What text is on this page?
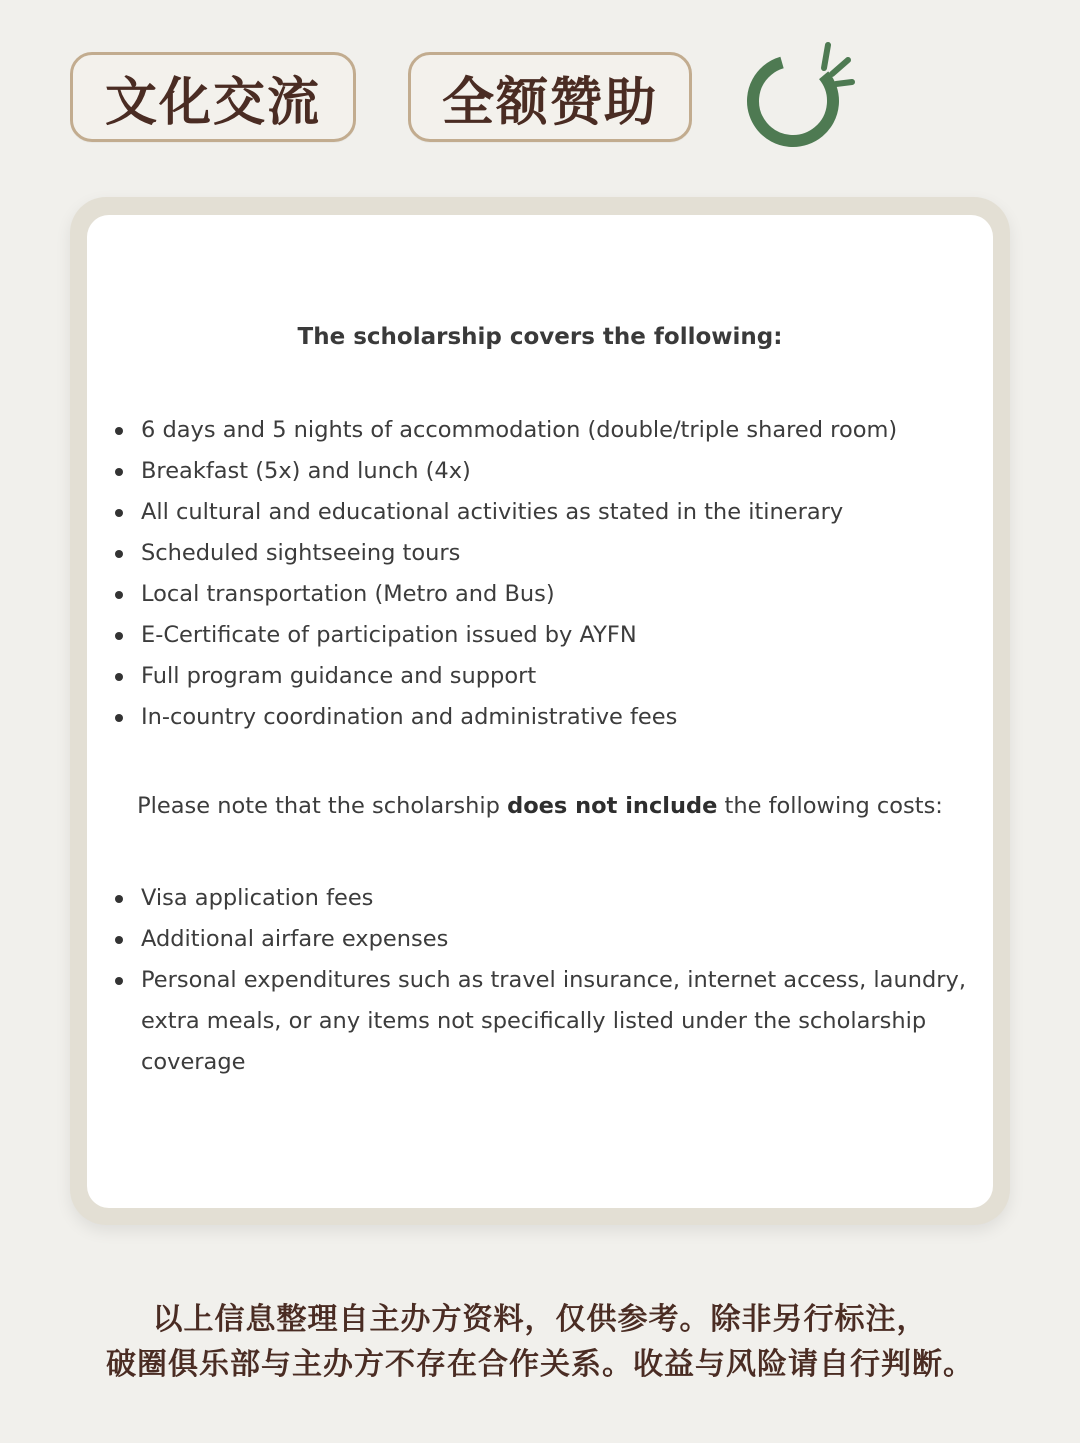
文化交流	全额赞助
The scholarship covers the following:
6 days and 5 nights of accommodation (double/triple shared room)
Breakfast (5x) and lunch (4x)
All cultural and educational activities as stated in the itinerary
Scheduled sightseeing tours
Local transportation (Metro and Bus)
E-Certificate of participation issued by AYFN
Full program guidance and support
In-country coordination and administrative fees
Please note that the scholarship does not include the following costs:
Visa application fees
Additional airfare expenses
Personal expenditures such as travel insurance, internet access, laundry, extra meals, or any items not specifically listed under the scholarship coverage
以上信息整理自主办方资料，仅供参考。除非另行标注，
破圈俱乐部与主办方不存在合作关系。收益与风险请自行判断。
